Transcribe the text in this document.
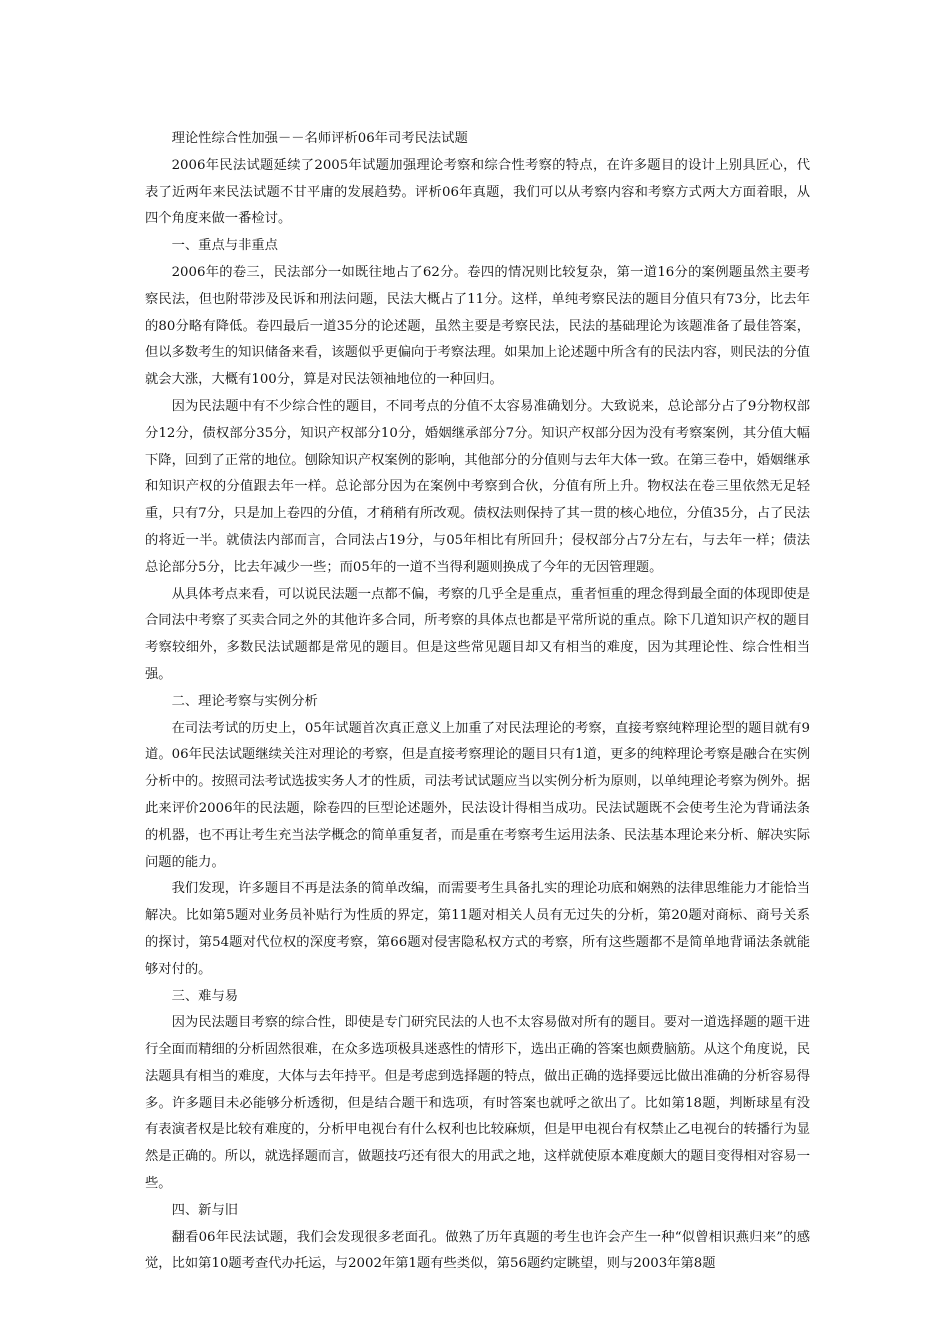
理论性综合性加强－－名师评析06年司考民法试题

2006年民法试题延续了2005年试题加强理论考察和综合性考察的特点，在许多题目的设计上别具匠心，代表了近两年来民法试题不甘平庸的发展趋势。评析06年真题，我们可以从考察内容和考察方式两大方面着眼，从四个角度来做一番检讨。

一、重点与非重点

2006年的卷三，民法部分一如既往地占了62分。卷四的情况则比较复杂，第一道16分的案例题虽然主要考察民法，但也附带涉及民诉和刑法问题，民法大概占了11分。这样，单纯考察民法的题目分值只有73分，比去年的80分略有降低。卷四最后一道35分的论述题，虽然主要是考察民法，民法的基础理论为该题准备了最佳答案，但以多数考生的知识储备来看，该题似乎更偏向于考察法理。如果加上论述题中所含有的民法内容，则民法的分值就会大涨，大概有100分，算是对民法领袖地位的一种回归。

因为民法题中有不少综合性的题目，不同考点的分值不太容易准确划分。大致说来，总论部分占了9分物权部分12分，债权部分35分，知识产权部分10分，婚姻继承部分7分。知识产权部分因为没有考察案例，其分值大幅下降，回到了正常的地位。刨除知识产权案例的影响，其他部分的分值则与去年大体一致。在第三卷中，婚姻继承和知识产权的分值跟去年一样。总论部分因为在案例中考察到合伙，分值有所上升。物权法在卷三里依然无足轻重，只有7分，只是加上卷四的分值，才稍稍有所改观。债权法则保持了其一贯的核心地位，分值35分，占了民法的将近一半。就债法内部而言，合同法占19分，与05年相比有所回升；侵权部分占7分左右，与去年一样；债法总论部分5分，比去年减少一些；而05年的一道不当得利题则换成了今年的无因管理题。

从具体考点来看，可以说民法题一点都不偏，考察的几乎全是重点，重者恒重的理念得到最全面的体现即使是合同法中考察了买卖合同之外的其他许多合同，所考察的具体点也都是平常所说的重点。除下几道知识产权的题目考察较细外，多数民法试题都是常见的题目。但是这些常见题目却又有相当的难度，因为其理论性、综合性相当强。

二、理论考察与实例分析

在司法考试的历史上，05年试题首次真正意义上加重了对民法理论的考察，直接考察纯粹理论型的题目就有9道。06年民法试题继续关注对理论的考察，但是直接考察理论的题目只有1道，更多的纯粹理论考察是融合在实例分析中的。按照司法考试选拔实务人才的性质，司法考试试题应当以实例分析为原则，以单纯理论考察为例外。据此来评价2006年的民法题，除卷四的巨型论述题外，民法设计得相当成功。民法试题既不会使考生沦为背诵法条的机器，也不再让考生充当法学概念的简单重复者，而是重在考察考生运用法条、民法基本理论来分析、解决实际问题的能力。

我们发现，许多题目不再是法条的简单改编，而需要考生具备扎实的理论功底和娴熟的法律思维能力才能恰当解决。比如第5题对业务员补贴行为性质的界定，第11题对相关人员有无过失的分析，第20题对商标、商号关系的探讨，第54题对代位权的深度考察，第66题对侵害隐私权方式的考察，所有这些题都不是简单地背诵法条就能够对付的。

三、难与易

因为民法题目考察的综合性，即使是专门研究民法的人也不太容易做对所有的题目。要对一道选择题的题干进行全面而精细的分析固然很难，在众多选项极具迷惑性的情形下，选出正确的答案也颇费脑筋。从这个角度说，民法题具有相当的难度，大体与去年持平。但是考虑到选择题的特点，做出正确的选择要远比做出准确的分析容易得多。许多题目未必能够分析透彻，但是结合题干和选项，有时答案也就呼之欲出了。比如第18题，判断球星有没有表演者权是比较有难度的，分析甲电视台有什么权利也比较麻烦，但是甲电视台有权禁止乙电视台的转播行为显然是正确的。所以，就选择题而言，做题技巧还有很大的用武之地，这样就使原本难度颇大的题目变得相对容易一些。

四、新与旧

翻看06年民法试题，我们会发现很多老面孔。做熟了历年真题的考生也许会产生一种“似曾相识燕归来”的感觉，比如第10题考查代办托运，与2002年第1题有些类似，第56题约定眺望，则与2003年第8题
